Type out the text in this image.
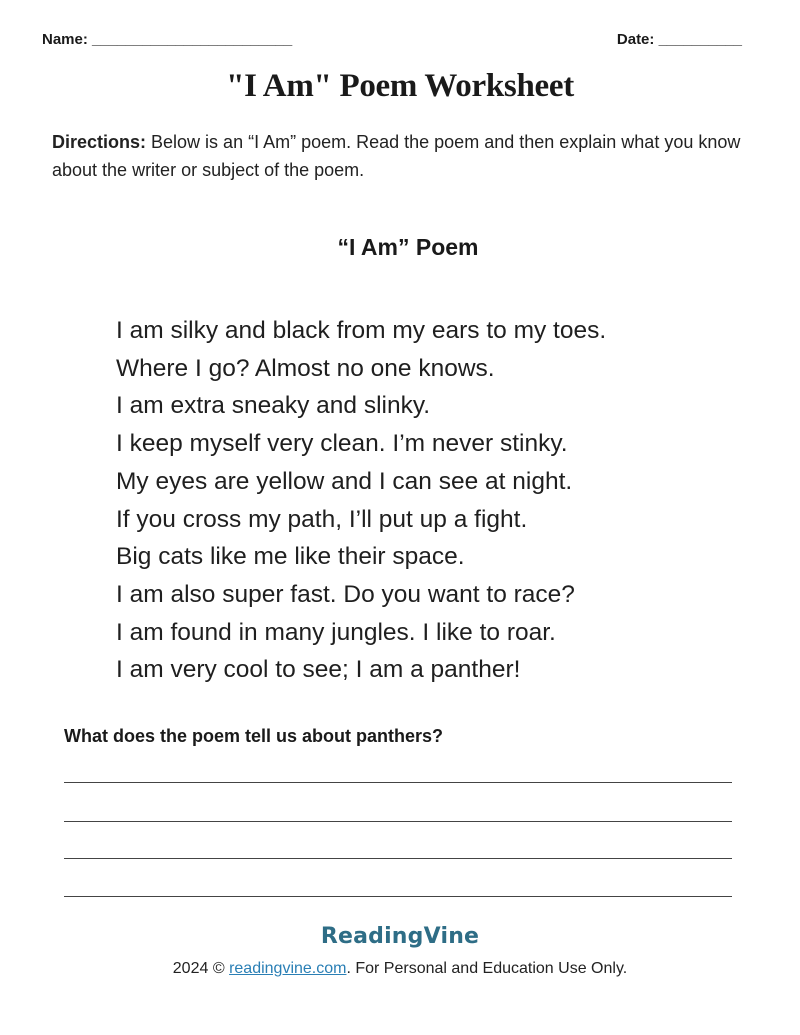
Name: ________________________	Date: __________
"I Am" Poem Worksheet
Directions: Below is an “I Am” poem. Read the poem and then explain what you know about the writer or subject of the poem.
“I Am” Poem
I am silky and black from my ears to my toes.
Where I go? Almost no one knows.
I am extra sneaky and slinky.
I keep myself very clean. I’m never stinky.
My eyes are yellow and I can see at night.
If you cross my path, I’ll put up a fight.
Big cats like me like their space.
I am also super fast. Do you want to race?
I am found in many jungles. I like to roar.
I am very cool to see; I am a panther!
What does the poem tell us about panthers?
ReadingVine
2024 © readingvine.com. For Personal and Education Use Only.
